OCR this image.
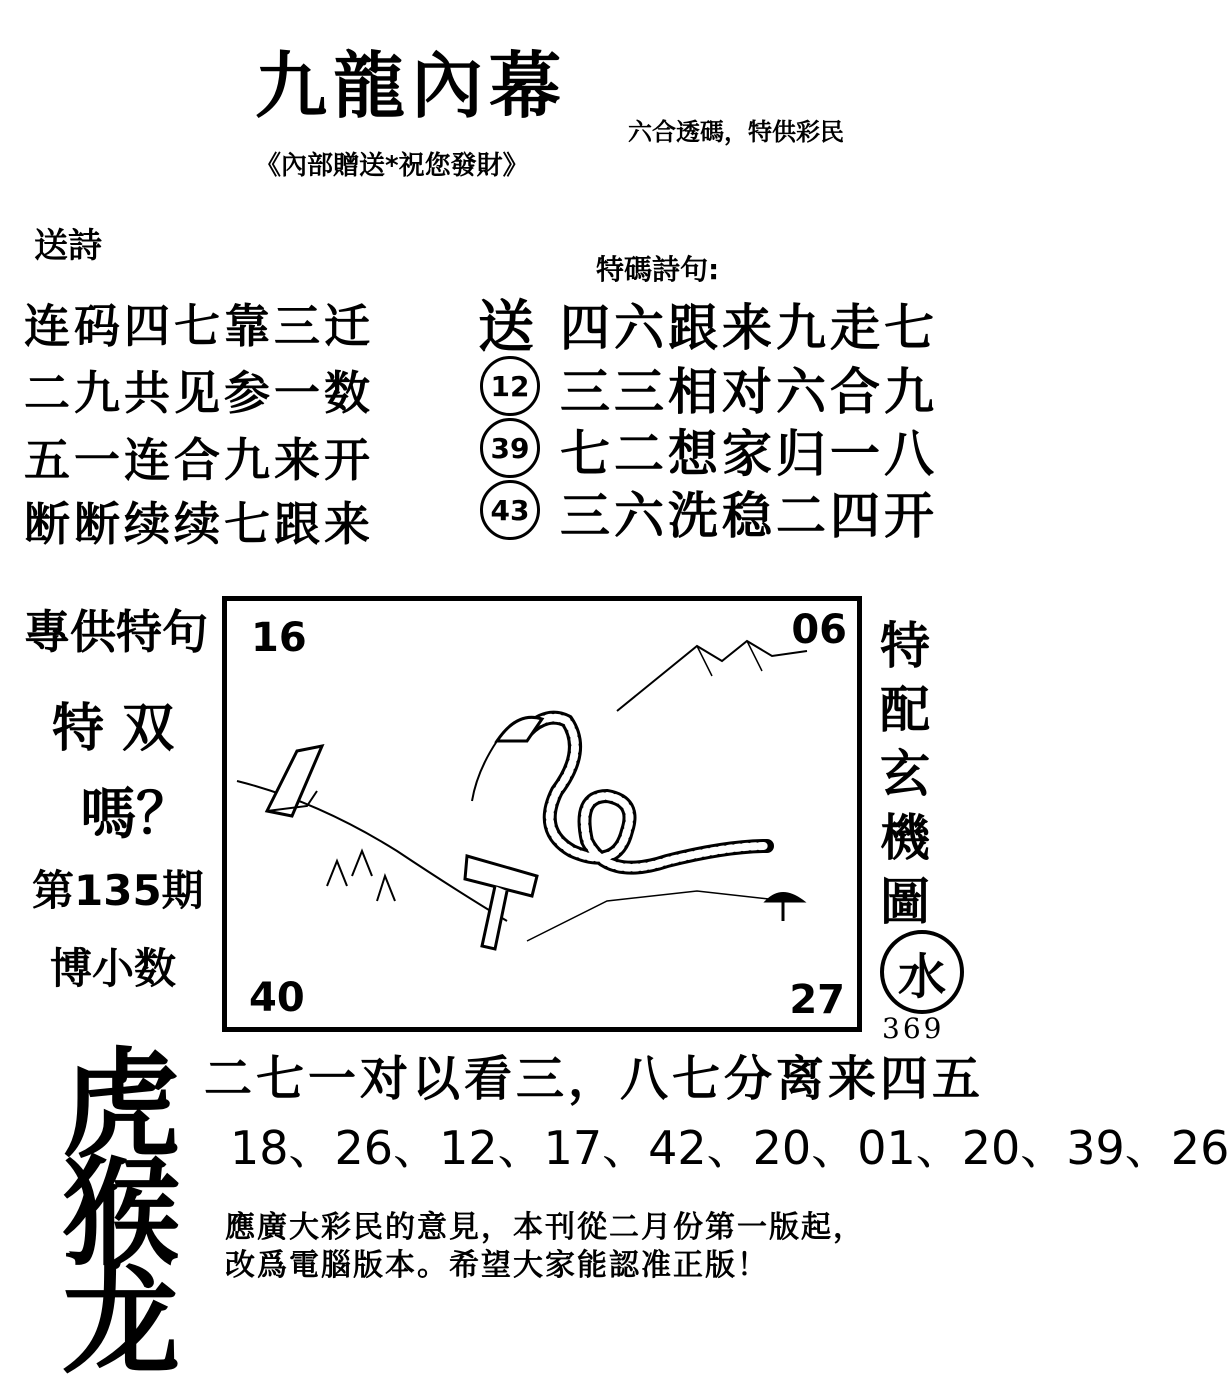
九龍內幕
六合透碼，特供彩民
《內部贈送*祝您發財》
送詩
连码四七靠三迁
二九共见参一数
五一连合九来开
断断续续七跟来
特碼詩句:
送 四六跟来九走七
12 三三相对六合九
39 七二想家归一八
43 三六洗稳二四开
專供特句
特 双
嗎？
第135期
博小数
虎
猴
龙
16	06
40	27
特
配
玄
機
圖
水
369
二七一对以看三，八七分离来四五
18、26、12、17、42、20、01、20、39、26
應廣大彩民的意見，本刊從二月份第一版起，
改爲電腦版本。希望大家能認准正版！
